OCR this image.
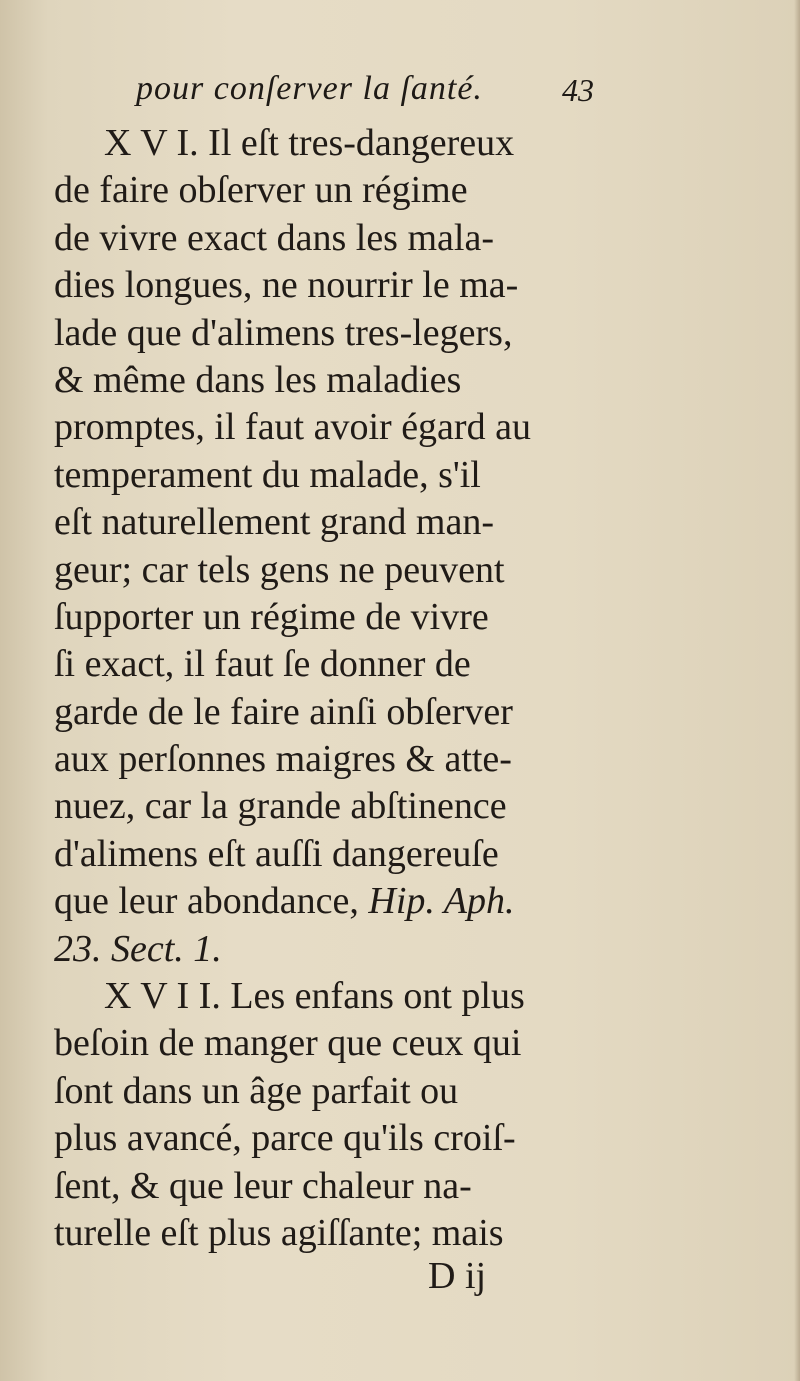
pour conſerver la ſanté. 43
X V I. Il eſt tres-dangereux
de faire obſerver un régime
de vivre exact dans les mala-
dies longues, ne nourrir le ma-
lade que d'alimens tres-legers,
& même dans les maladies
promptes, il faut avoir égard au
temperament du malade, s'il
eſt naturellement grand man-
geur; car tels gens ne peuvent
ſupporter un régime de vivre
ſi exact, il faut ſe donner de
garde de le faire ainſi obſerver
aux perſonnes maigres & atte-
nuez, car la grande abſtinence
d'alimens eſt auſſi dangereuſe
que leur abondance, Hip. Aph.
23. Sect. 1.
X V I I. Les enfans ont plus
beſoin de manger que ceux qui
ſont dans un âge parfait ou
plus avancé, parce qu'ils croiſ-
ſent, & que leur chaleur na-
turelle eſt plus agiſſante; mais
D ij
